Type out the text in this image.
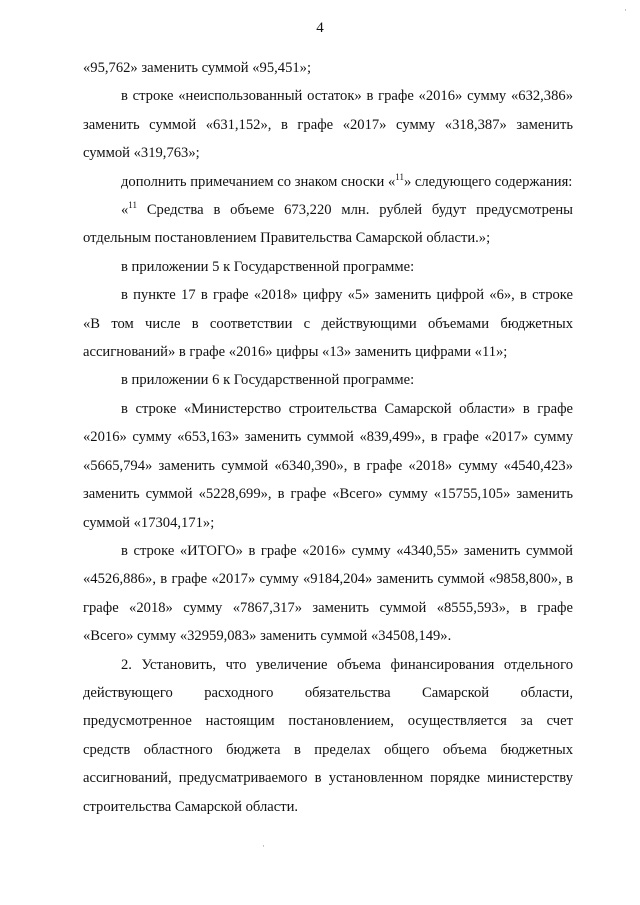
4

«95,762» заменить суммой «95,451»;

в строке «неиспользованный остаток» в графе «2016» сумму «632,386» заменить суммой «631,152», в графе «2017» сумму «318,387» заменить суммой «319,763»;

дополнить примечанием со знаком сноски «$^{11}$» следующего содержания:

«$^{11}$ Средства в объеме 673,220 млн. рублей будут предусмотрены отдельным постановлением Правительства Самарской области.»;

в приложении 5 к Государственной программе:

в пункте 17 в графе «2018» цифру «5» заменить цифрой «6», в строке «В том числе в соответствии с действующими объемами бюджетных ассигнований» в графе «2016» цифры «13» заменить цифрами «11»;

в приложении 6 к Государственной программе:

в строке «Министерство строительства Самарской области» в графе «2016» сумму «653,163» заменить суммой «839,499», в графе «2017» сумму «5665,794» заменить суммой «6340,390», в графе «2018» сумму «4540,423» заменить суммой «5228,699», в графе «Всего» сумму «15755,105» заменить суммой «17304,171»;

в строке «ИТОГО» в графе «2016» сумму «4340,55» заменить суммой «4526,886», в графе «2017» сумму «9184,204» заменить суммой «9858,800», в графе «2018» сумму «7867,317» заменить суммой «8555,593», в графе «Всего» сумму «32959,083» заменить суммой «34508,149».

2. Установить, что увеличение объема финансирования отдельного действующего расходного обязательства Самарской области, предусмотренное настоящим постановлением, осуществляется за счет средств областного бюджета в пределах общего объема бюджетных ассигнований, предусматриваемого в установленном порядке министерству строительства Самарской области.

·
·
